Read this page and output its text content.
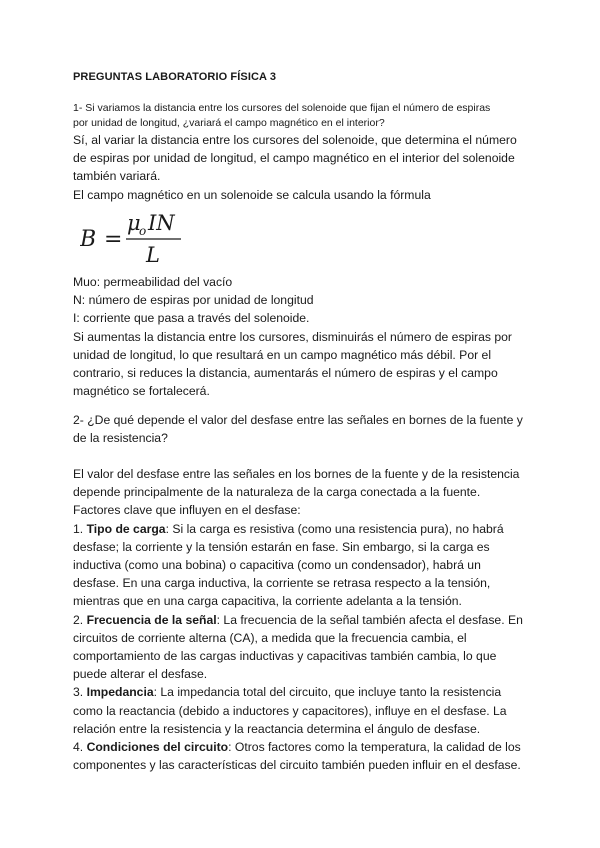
PREGUNTAS LABORATORIO FÍSICA 3
1- Si variamos la distancia entre los cursores del solenoide que fijan el número de espiras
por unidad de longitud, ¿variará el campo magnético en el interior?
Sí, al variar la distancia entre los cursores del solenoide, que determina el número
de espiras por unidad de longitud, el campo magnético en el interior del solenoide
también variará.
El campo magnético en un solenoide se calcula usando la fórmula
B =
μ
o IN
L
Muo: permeabilidad del vacío
N: número de espiras por unidad de longitud
I: corriente que pasa a través del solenoide.
Si aumentas la distancia entre los cursores, disminuirás el número de espiras por
unidad de longitud, lo que resultará en un campo magnético más débil. Por el
contrario, si reduces la distancia, aumentarás el número de espiras y el campo
magnético se fortalecerá.
2- ¿De qué depende el valor del desfase entre las señales en bornes de la fuente y
de la resistencia?
El valor del desfase entre las señales en los bornes de la fuente y de la resistencia
depende principalmente de la naturaleza de la carga conectada a la fuente.
Factores clave que influyen en el desfase:
1. Tipo de carga: Si la carga es resistiva (como una resistencia pura), no habrá
desfase; la corriente y la tensión estarán en fase. Sin embargo, si la carga es
inductiva (como una bobina) o capacitiva (como un condensador), habrá un
desfase. En una carga inductiva, la corriente se retrasa respecto a la tensión,
mientras que en una carga capacitiva, la corriente adelanta a la tensión.
2. Frecuencia de la señal: La frecuencia de la señal también afecta el desfase. En
circuitos de corriente alterna (CA), a medida que la frecuencia cambia, el
comportamiento de las cargas inductivas y capacitivas también cambia, lo que
puede alterar el desfase.
3. Impedancia: La impedancia total del circuito, que incluye tanto la resistencia
como la reactancia (debido a inductores y capacitores), influye en el desfase. La
relación entre la resistencia y la reactancia determina el ángulo de desfase.
4. Condiciones del circuito: Otros factores como la temperatura, la calidad de los
componentes y las características del circuito también pueden influir en el desfase.
